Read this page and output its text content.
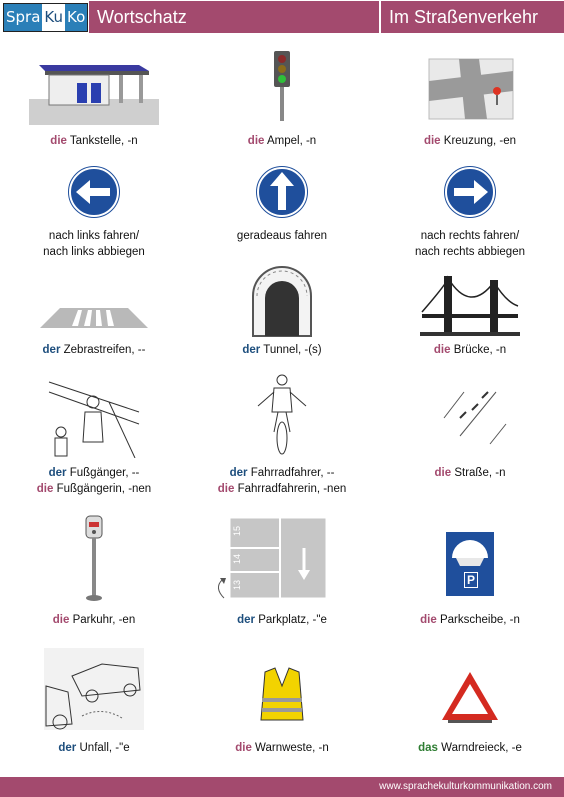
Spra Ku Ko Wortschatz	Im Straßenverkehr
die Tankstelle, -n	die Ampel, -n	die Kreuzung, -en
nach links fahren/
nach links abbiegen
geradeaus fahren	nach rechts fahren/
nach rechts abbiegen
der Zebrastreifen, --	der Tunnel, -(s)	die Brücke, -n
der Fußgänger, --
die Fußgängerin, -nen
der Fahrradfahrer, --
die Fahrradfahrerin, -nen
die Straße, -n
die Parkuhr, -en
15
14
13
der Parkplatz, -"e
P
die Parkscheibe, -n
der Unfall, -"e	die Warnweste, -n	das Warndreieck, -e
www.sprachekulturkommunikation.com
